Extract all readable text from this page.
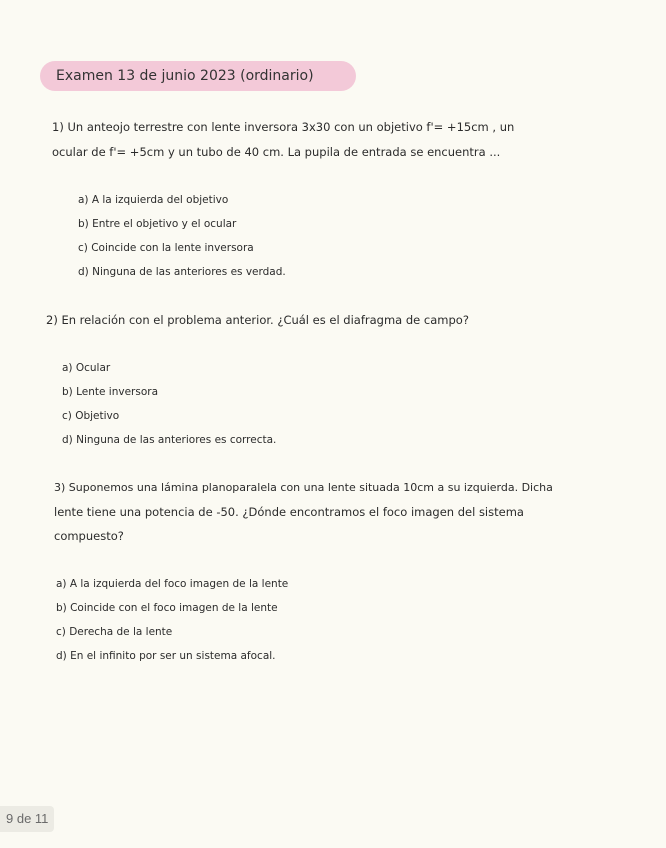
Examen 13 de junio 2023 (ordinario)
1) Un anteojo terrestre con lente inversora 3x30 con un objetivo f'= +15cm , un
ocular de f'= +5cm y un tubo de 40 cm. La pupila de entrada se encuentra ...
a) A la izquierda del objetivo
b) Entre el objetivo y el ocular
c) Coincide con la lente inversora
d) Ninguna de las anteriores es verdad.
2) En relación con el problema anterior. ¿Cuál es el diafragma de campo?
a) Ocular
b) Lente inversora
c) Objetivo
d) Ninguna de las anteriores es correcta.
3) Suponemos una lámina planoparalela con una lente situada 10cm a su izquierda. Dicha
lente tiene una potencia de -50. ¿Dónde encontramos el foco imagen del sistema
compuesto?
a) A la izquierda del foco imagen de la lente
b) Coincide con el foco imagen de la lente
c) Derecha de la lente
d) En el infinito por ser un sistema afocal.
9 de 11
